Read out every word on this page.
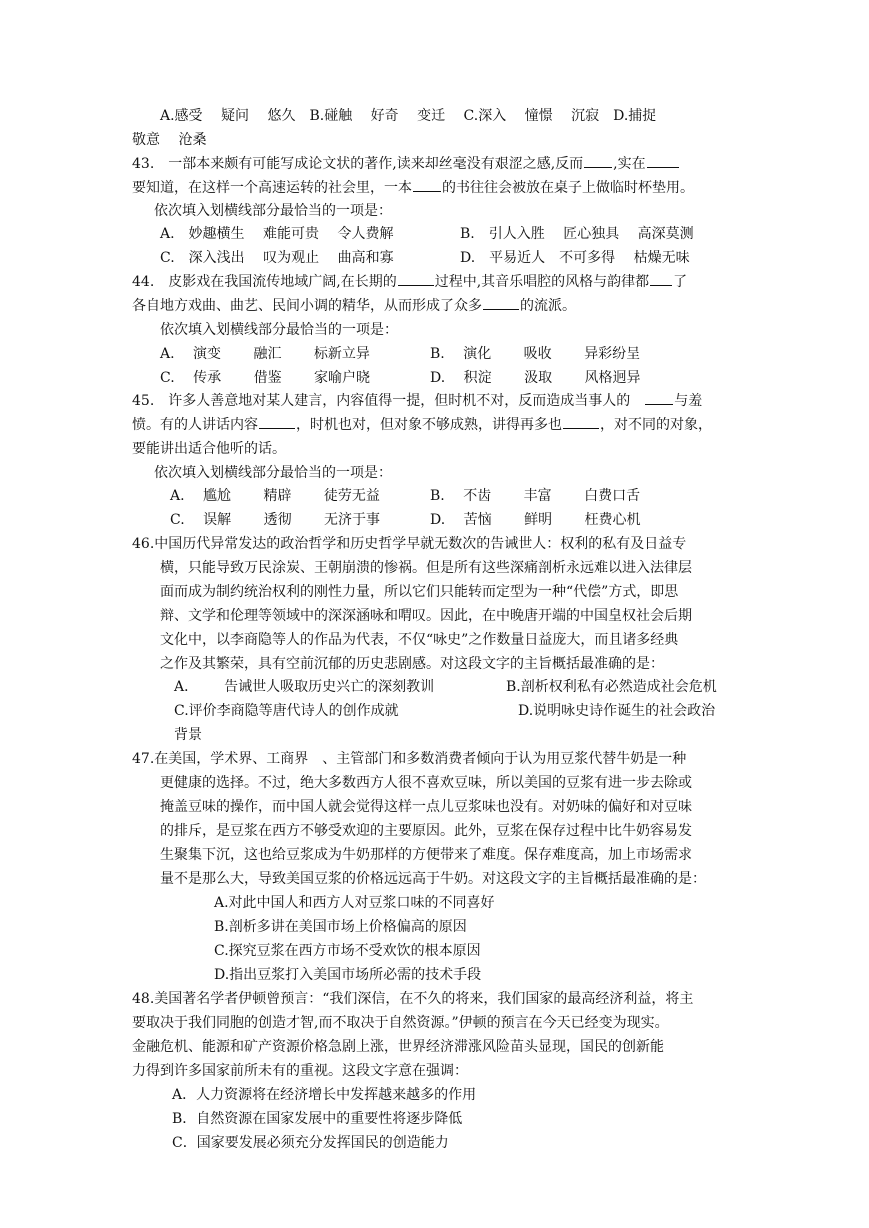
A.感受　 疑问　 悠久　B.碰触　 好奇　 变迁　 C.深入　 憧憬　 沉寂　D.捕捉
敬意　 沧桑
43. 一部本来颇有可能写成论文状的著作,读来却丝毫没有艰涩之感,反而 ,实在
要知道，在这样一个高速运转的社会里，一本 的书往往会被放在桌子上做临时杯垫用。
依次填入划横线部分最恰当的一项是：
A.　妙趣横生　 难能可贵　 令人费解	B.　引人入胜　 匠心独具　 高深莫测
C.　深入浅出　 叹为观止　 曲高和寡	D.　平易近人　不可多得　 枯燥无味
44. 皮影戏在我国流传地域广阔,在长期的	过程中,其音乐唱腔的风格与韵律都 了
各自地方戏曲、曲艺、民间小调的精华，从而形成了众多	的流派。
依次填入划横线部分最恰当的一项是：
A.　 演变　　 融汇　　 标新立异	B.　 演化　　 吸收　　 异彩纷呈
C.　 传承　　 借鉴　　 家喻户晓	D.　 积淀　　 汲取　　 风格迥异
45. 许多人善意地对某人建言，内容值得一提，但时机不对，反而造成当事人的	与羞
愤。有的人讲话内容	，时机也对，但对象不够成熟，讲得再多也	，对不同的对象，
要能讲出适合他听的话。
依次填入划横线部分最恰当的一项是：
A.　 尴尬　　 精辟　　 徒劳无益	B.　 不齿　　 丰富　　 白费口舌
C.　 误解　　 透彻　　 无济于事	D.　 苦恼　　 鲜明　　 枉费心机
46.中国历代异常发达的政治哲学和历史哲学早就无数次的告诫世人：权利的私有及日益专
横，只能导致万民涂炭、王朝崩溃的惨祸。但是所有这些深痛剖析永远难以进入法律层
面而成为制约统治权利的刚性力量，所以它们只能转而定型为一种“代偿”方式，即思
辩、文学和伦理等领域中的深深涵咏和喟叹。因此，在中晚唐开端的中国皇权社会后期
文化中，以李商隐等人的作品为代表，不仅“咏史”之作数量日益庞大，而且诸多经典
之作及其繁荣，具有空前沉郁的历史悲剧感。对这段文字的主旨概括最准确的是：
A． 告诫世人吸取历史兴亡的深刻教训	B.剖析权利私有必然造成社会危机
C.评价李商隐等唐代诗人的创作成就	D.说明咏史诗作诞生的社会政治
背景
47.在美国，学术界、工商界　、主管部门和多数消费者倾向于认为用豆浆代替牛奶是一种
更健康的选择。不过，绝大多数西方人很不喜欢豆味，所以美国的豆浆有进一步去除或
掩盖豆味的操作，而中国人就会觉得这样一点儿豆浆味也没有。对奶味的偏好和对豆味
的排斥，是豆浆在西方不够受欢迎的主要原因。此外，豆浆在保存过程中比牛奶容易发
生聚集下沉，这也给豆浆成为牛奶那样的方便带来了难度。保存难度高，加上市场需求
量不是那么大，导致美国豆浆的价格远远高于牛奶。对这段文字的主旨概括最准确的是：
A.对此中国人和西方人对豆浆口味的不同喜好
B.剖析多讲在美国市场上价格偏高的原因
C.探究豆浆在西方市场不受欢饮的根本原因
D.指出豆浆打入美国市场所必需的技术手段
48.美国著名学者伊顿曾预言：“我们深信，在不久的将来，我们国家的最高经济利益，将主
要取决于我们同胞的创造才智,而不取决于自然资源。”伊顿的预言在今天已经变为现实。
金融危机、能源和矿产资源价格急剧上涨，世界经济滞涨风险苗头显现，国民的创新能
力得到许多国家前所未有的重视。这段文字意在强调：
A．人力资源将在经济增长中发挥越来越多的作用
B．自然资源在国家发展中的重要性将逐步降低
C．国家要发展必须充分发挥国民的创造能力
